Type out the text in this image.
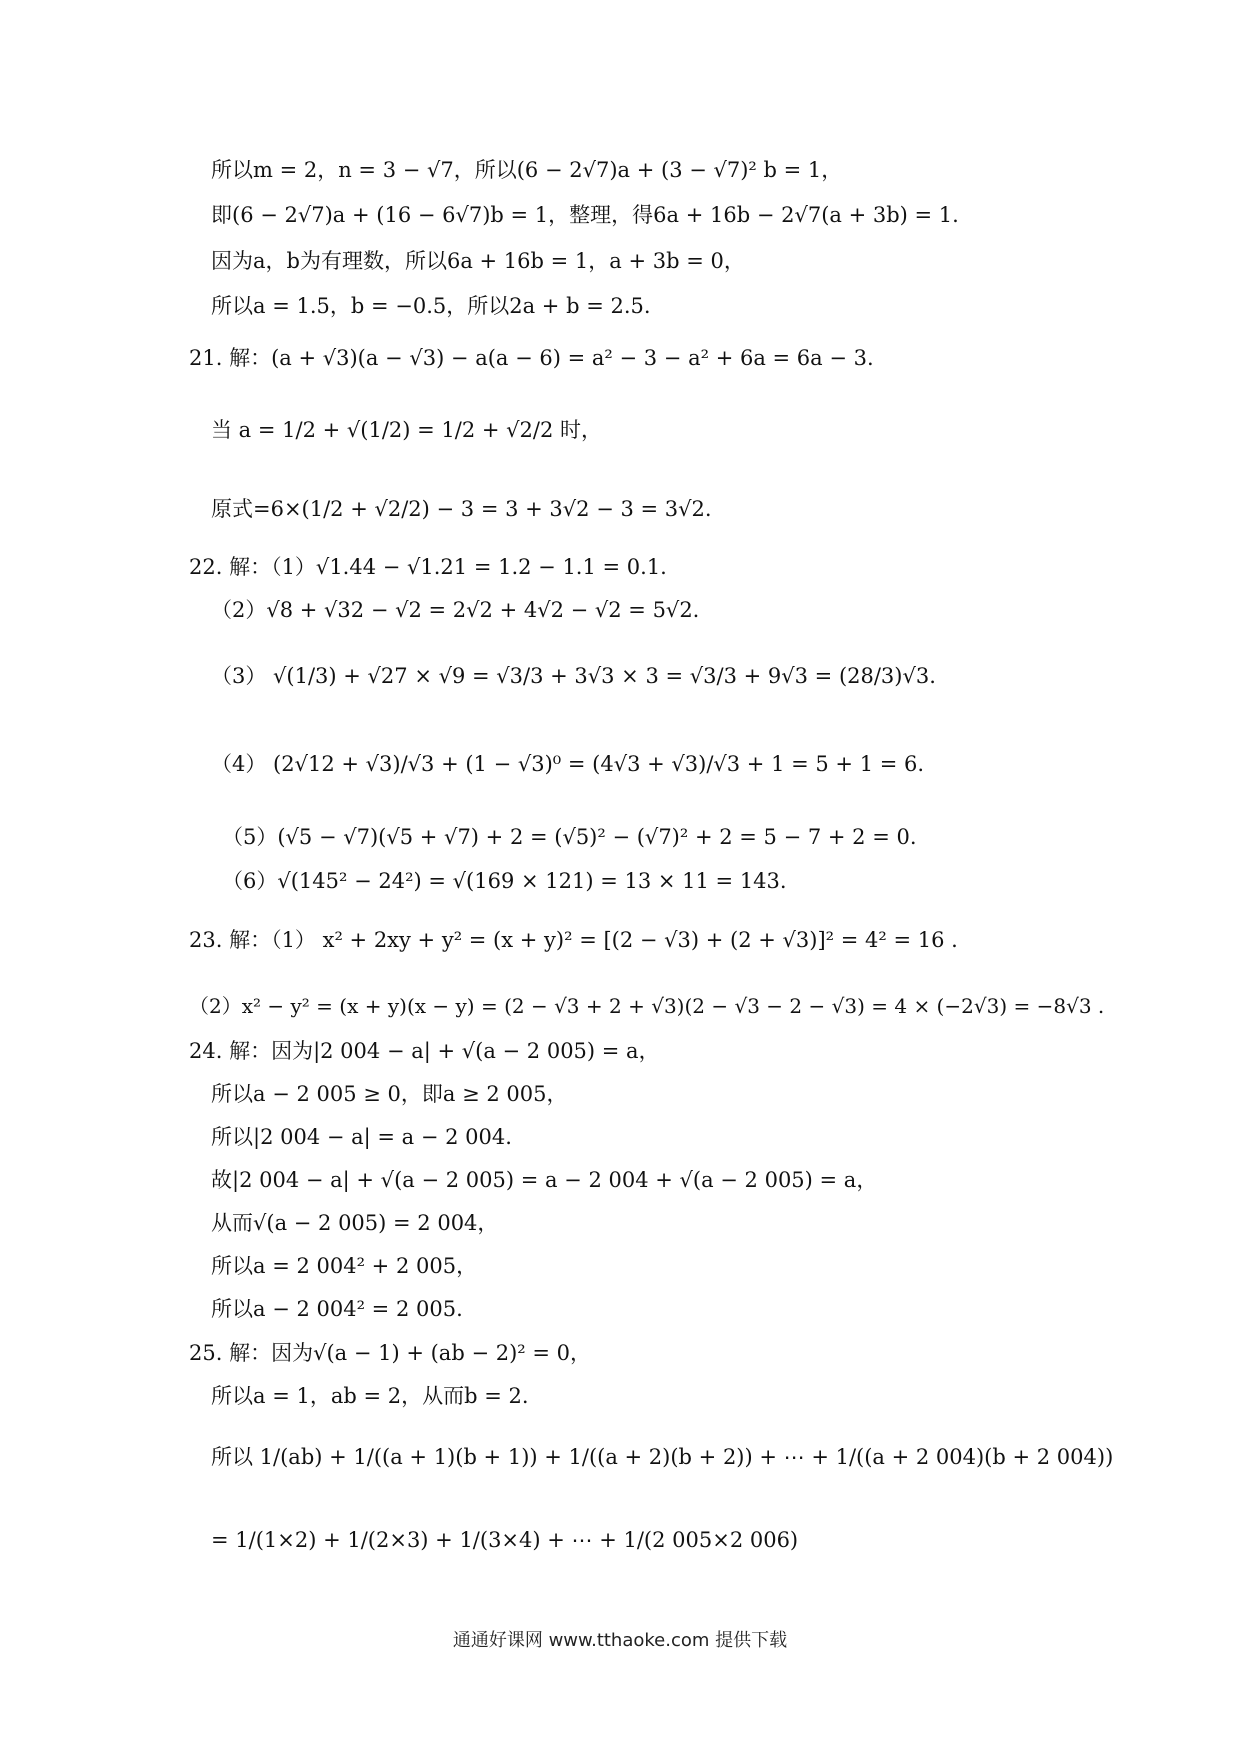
所以m = 2，n = 3 − √7，所以(6 − 2√7)a + (3 − √7)² b = 1，
即(6 − 2√7)a + (16 − 6√7)b = 1，整理，得6a + 16b − 2√7(a + 3b) = 1.
因为a，b为有理数，所以6a + 16b = 1，a + 3b = 0，
所以a = 1.5，b = −0.5，所以2a + b = 2.5.
21. 解：(a + √3)(a − √3) − a(a − 6) = a² − 3 − a² + 6a = 6a − 3.
当 a = 1/2 + √(1/2) = 1/2 + √2/2 时，
原式=6×(1/2 + √2/2) − 3 = 3 + 3√2 − 3 = 3√2.
22. 解：（1）√1.44 − √1.21 = 1.2 − 1.1 = 0.1.
（2）√8 + √32 − √2 = 2√2 + 4√2 − √2 = 5√2.
（3） √(1/3) + √27 × √9 = √3/3 + 3√3 × 3 = √3/3 + 9√3 = (28/3)√3.
（4） (2√12 + √3)/√3 + (1 − √3)⁰ = (4√3 + √3)/√3 + 1 = 5 + 1 = 6.
（5）(√5 − √7)(√5 + √7) + 2 = (√5)² − (√7)² + 2 = 5 − 7 + 2 = 0.
（6）√(145² − 24²) = √(169 × 121) = 13 × 11 = 143.
23. 解：（1） x² + 2xy + y² = (x + y)² = [(2 − √3) + (2 + √3)]² = 4² = 16 .
（2）x² − y² = (x + y)(x − y) = (2 − √3 + 2 + √3)(2 − √3 − 2 − √3) = 4 × (−2√3) = −8√3 .
24. 解：因为|2 004 − a| + √(a − 2 005) = a，
所以a − 2 005 ≥ 0，即a ≥ 2 005，
所以|2 004 − a| = a − 2 004.
故|2 004 − a| + √(a − 2 005) = a − 2 004 + √(a − 2 005) = a，
从而√(a − 2 005) = 2 004，
所以a = 2 004² + 2 005，
所以a − 2 004² = 2 005.
25. 解：因为√(a − 1) + (ab − 2)² = 0，
所以a = 1，ab = 2，从而b = 2.
所以 1/(ab) + 1/((a + 1)(b + 1)) + 1/((a + 2)(b + 2)) + ⋯ + 1/((a + 2 004)(b + 2 004))
= 1/(1×2) + 1/(2×3) + 1/(3×4) + ⋯ + 1/(2 005×2 006)
通通好课网 www.tthaoke.com 提供下载
